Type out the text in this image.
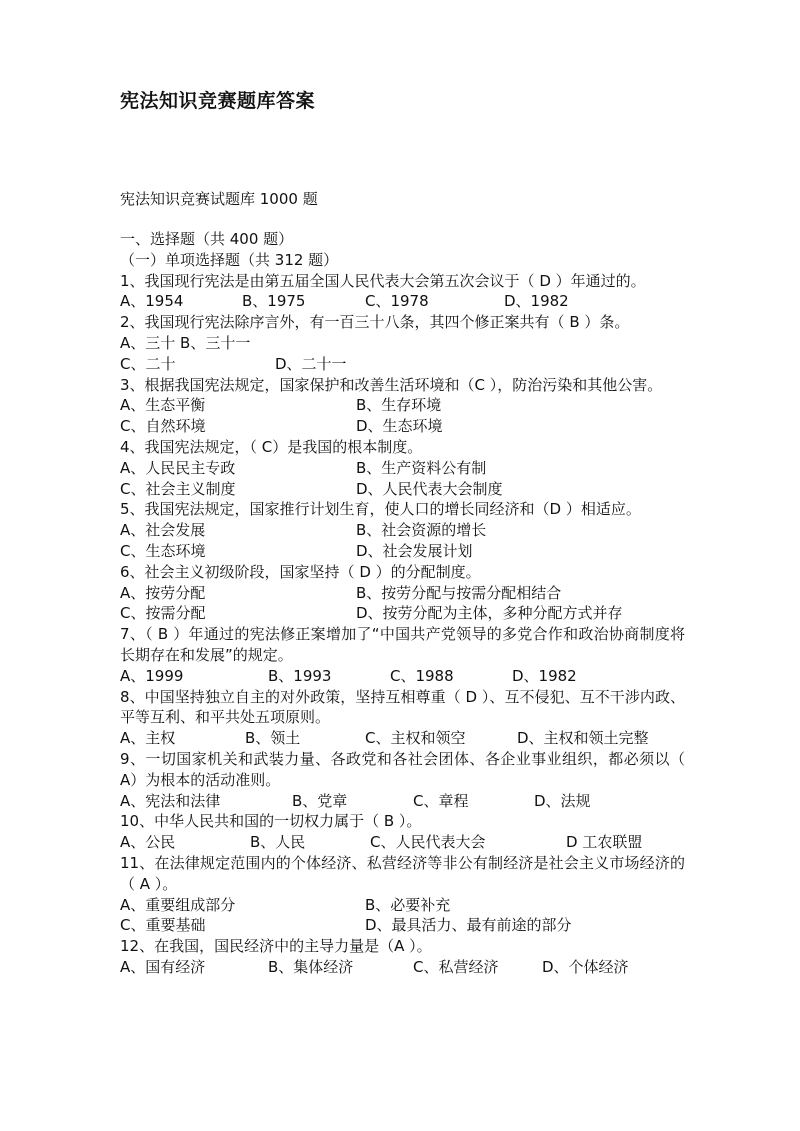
宪法知识竞赛题库答案
宪法知识竞赛试题库 1000 题
一、选择题（共 400 题）
（一）单项选择题（共 312 题）
1、我国现行宪法是由第五届全国人民代表大会第五次会议于（ D ）年通过的。
A、1954	B、1975	C、1978	D、1982
2、我国现行宪法除序言外，有一百三十八条，其四个修正案共有（ B ）条。
A、三十 B、三十一
C、二十	D、二十一
3、根据我国宪法规定，国家保护和改善生活环境和（C ），防治污染和其他公害。
A、生态平衡	B、生存环境
C、自然环境	D、生态环境
4、我国宪法规定，（ C）是我国的根本制度。
A、人民民主专政	B、生产资料公有制
C、社会主义制度	D、人民代表大会制度
5、我国宪法规定，国家推行计划生育，使人口的增长同经济和（D ）相适应。
A、社会发展	B、社会资源的增长
C、生态环境	D、社会发展计划
6、社会主义初级阶段，国家坚持（ D ）的分配制度。
A、按劳分配	B、按劳分配与按需分配相结合
C、按需分配	D、按劳分配为主体，多种分配方式并存
7、（ B ）年通过的宪法修正案增加了“中国共产党领导的多党合作和政治协商制度将长期存在和发展”的规定。
A、1999	B、1993	C、1988	D、1982
8、中国坚持独立自主的对外政策，坚持互相尊重（ D ）、互不侵犯、互不干涉内政、平等互利、和平共处五项原则。
A、主权	B、领土	C、主权和领空	D、主权和领土完整
9、一切国家机关和武装力量、各政党和各社会团体、各企业事业组织，都必须以（ A）为根本的活动准则。
A、宪法和法律	B、党章	C、章程	D、法规
10、中华人民共和国的一切权力属于（ B ）。
A、公民	B、人民	C、人民代表大会	D 工农联盟
11、在法律规定范围内的个体经济、私营经济等非公有制经济是社会主义市场经济的（ A ）。
A、重要组成部分	B、必要补充
C、重要基础	D、最具活力、最有前途的部分
12、在我国，国民经济中的主导力量是（A ）。
A、国有经济	B、集体经济	C、私营经济	D、个体经济
